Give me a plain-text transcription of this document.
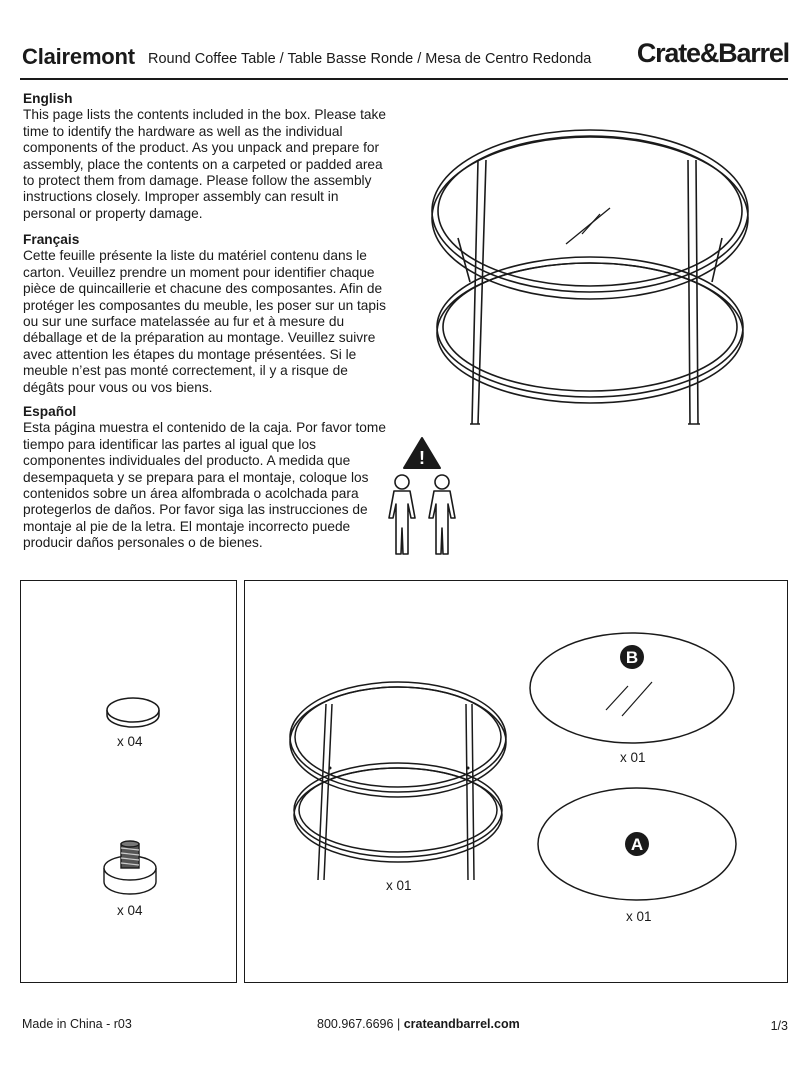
Clairemont Round Coffee Table / Table Basse Ronde / Mesa de Centro Redonda Crate&Barrel
English

This page lists the contents included in the box. Please take time to identify the hardware as well as the individual components of the product. As you unpack and prepare for assembly, place the contents on a carpeted or padded area to protect them from damage. Please follow the assembly instructions closely. Improper assembly can result in personal or property damage.

Français

Cette feuille présente la liste du matériel contenu dans le carton. Veuillez prendre un moment pour identifier chaque pièce de quincaillerie et chacune des composantes. Afin de protéger les composantes du meuble, les poser sur un tapis ou sur une surface matelassée au fur et à mesure du déballage et de la préparation au montage. Veuillez suivre avec attention les étapes du montage présentées. Si le meuble n’est pas monté correctement, il y a risque de dégâts pour vous ou vos biens.

Español

Esta página muestra el contenido de la caja. Por favor tome tiempo para identificar las partes al igual que los componentes individuales del producto. A medida que desempaqueta y se prepara para el montaje, coloque los contenidos sobre un área alfombrada o acolchada para protegerlos de daños. Por favor siga las instrucciones de montaje al pie de la letra. El montaje incorrecto puede producir daños personales o de bienes.

!
x 04
x 04
x 01
B
x 01
A
x 01
Made in China - r03	800.967.6696 | crateandbarrel.com	1/3
